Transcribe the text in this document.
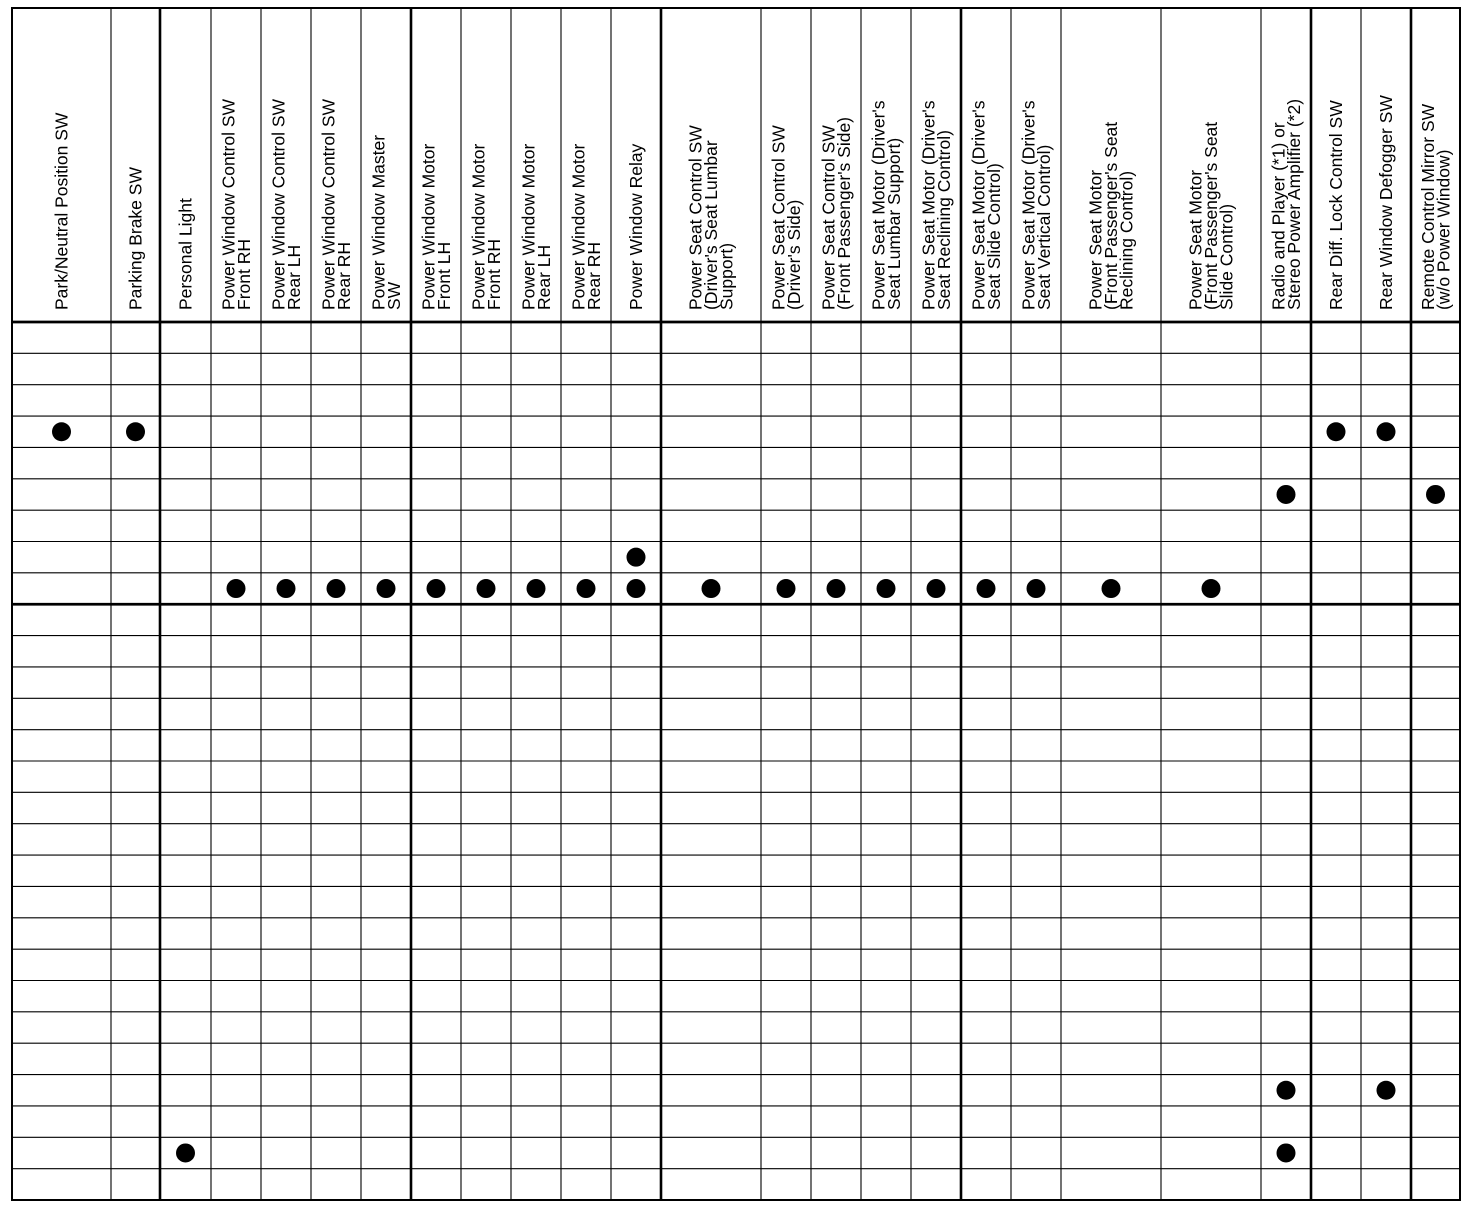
Park/Neutral Position SW	Parking Brake SW Personal Light Power Window Control SW
Front RH Power Window Control SW
Rear LH Power Window Control SW
Rear RH Power Window Master
SW Power Window Motor
Front LH Power Window Motor
Front RH Power Window Motor
Rear LH Power Window Motor
Rear RH Power Window Relay Power Seat Control SW
(Driver's Seat Lumbar
Support) Power Seat Control SW
(Driver's Side) Power Seat Control SW
(Front Passenger's Side) Power Seat Motor (Driver's
Seat Lumbar Support) Power Seat Motor (Driver's
Seat Reclining Control) Power Seat Motor (Driver's
Seat Slide Control) Power Seat Motor (Driver's
Seat Vertical Control) Power Seat Motor
(Front Passenger's Seat
Reclining Control)	Power Seat Motor
(Front Passenger's Seat
Slide Control) Radio and Player (*1) or
Stereo Power Amplifier (*2) Rear Diff. Lock Control SW Rear Window Defogger SW Remote Control Mirror SW
(w/o Power Window)
